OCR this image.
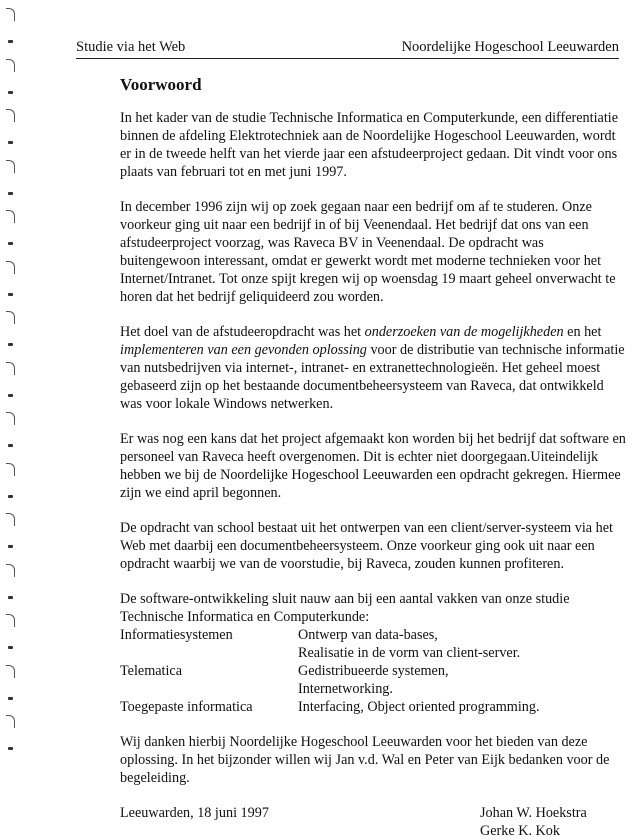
Studie via het Web	Noordelijke Hogeschool Leeuwarden
Voorwoord

In het kader van de studie Technische Informatica en Computerkunde, een differentiatie binnen de afdeling Elektrotechniek aan de Noordelijke Hogeschool Leeuwarden, wordt er in de tweede helft van het vierde jaar een afstudeerproject gedaan. Dit vindt voor ons plaats van februari tot en met juni 1997.

In december 1996 zijn wij op zoek gegaan naar een bedrijf om af te studeren. Onze voorkeur ging uit naar een bedrijf in of bij Veenendaal. Het bedrijf dat ons van een afstudeerproject voorzag, was Raveca BV in Veenendaal. De opdracht was buitengewoon interessant, omdat er gewerkt wordt met moderne technieken voor het Internet/Intranet. Tot onze spijt kregen wij op woensdag 19 maart geheel onverwacht te horen dat het bedrijf geliquideerd zou worden.

Het doel van de afstudeeropdracht was het onderzoeken van de mogelijkheden en het implementeren van een gevonden oplossing voor de distributie van technische informatie van nutsbedrijven via internet-, intranet- en extranettechnologieën. Het geheel moest gebaseerd zijn op het bestaande documentbeheersysteem van Raveca, dat ontwikkeld was voor lokale Windows netwerken.

Er was nog een kans dat het project afgemaakt kon worden bij het bedrijf dat software en personeel van Raveca heeft overgenomen. Dit is echter niet doorgegaan.Uiteindelijk hebben we bij de Noordelijke Hogeschool Leeuwarden een opdracht gekregen. Hiermee zijn we eind april begonnen.

De opdracht van school bestaat uit het ontwerpen van een client/server-systeem via het Web met daarbij een documentbeheersysteem. Onze voorkeur ging ook uit naar een opdracht waarbij we van de voorstudie, bij Raveca, zouden kunnen profiteren.

De software-ontwikkeling sluit nauw aan bij een aantal vakken van onze studie Technische Informatica en Computerkunde:
Informatiesystemen	Ontwerp van data-bases,
Realisatie in de vorm van client-server.
Telematica	Gedistribueerde systemen,
Internetworking.
Toegepaste informatica	Interfacing, Object oriented programming.

Wij danken hierbij Noordelijke Hogeschool Leeuwarden voor het bieden van deze oplossing. In het bijzonder willen wij Jan v.d. Wal en Peter van Eijk bedanken voor de begeleiding.

Leeuwarden, 18 juni 1997	Johan W. Hoekstra
Gerke K. Kok
